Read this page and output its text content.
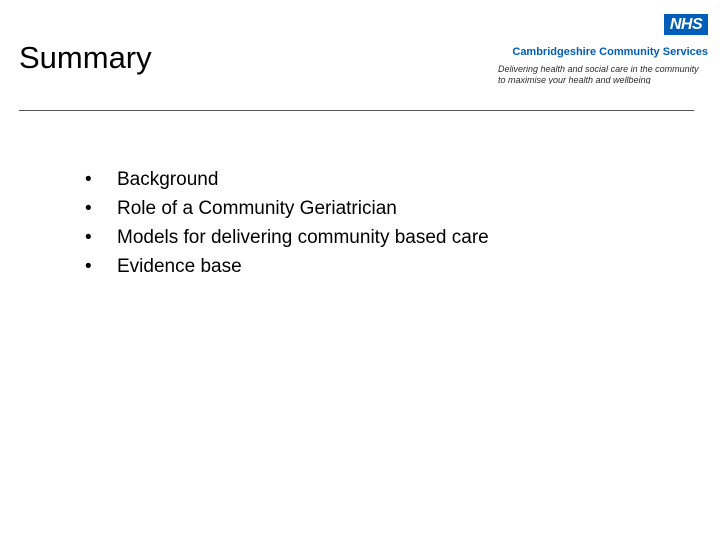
Summary
NHS
Cambridgeshire Community Services
Delivering health and social care in the community
to maximise your health and wellbeing
•	Background
•	Role of a Community Geriatrician
•	Models for delivering community based care
•	Evidence base
